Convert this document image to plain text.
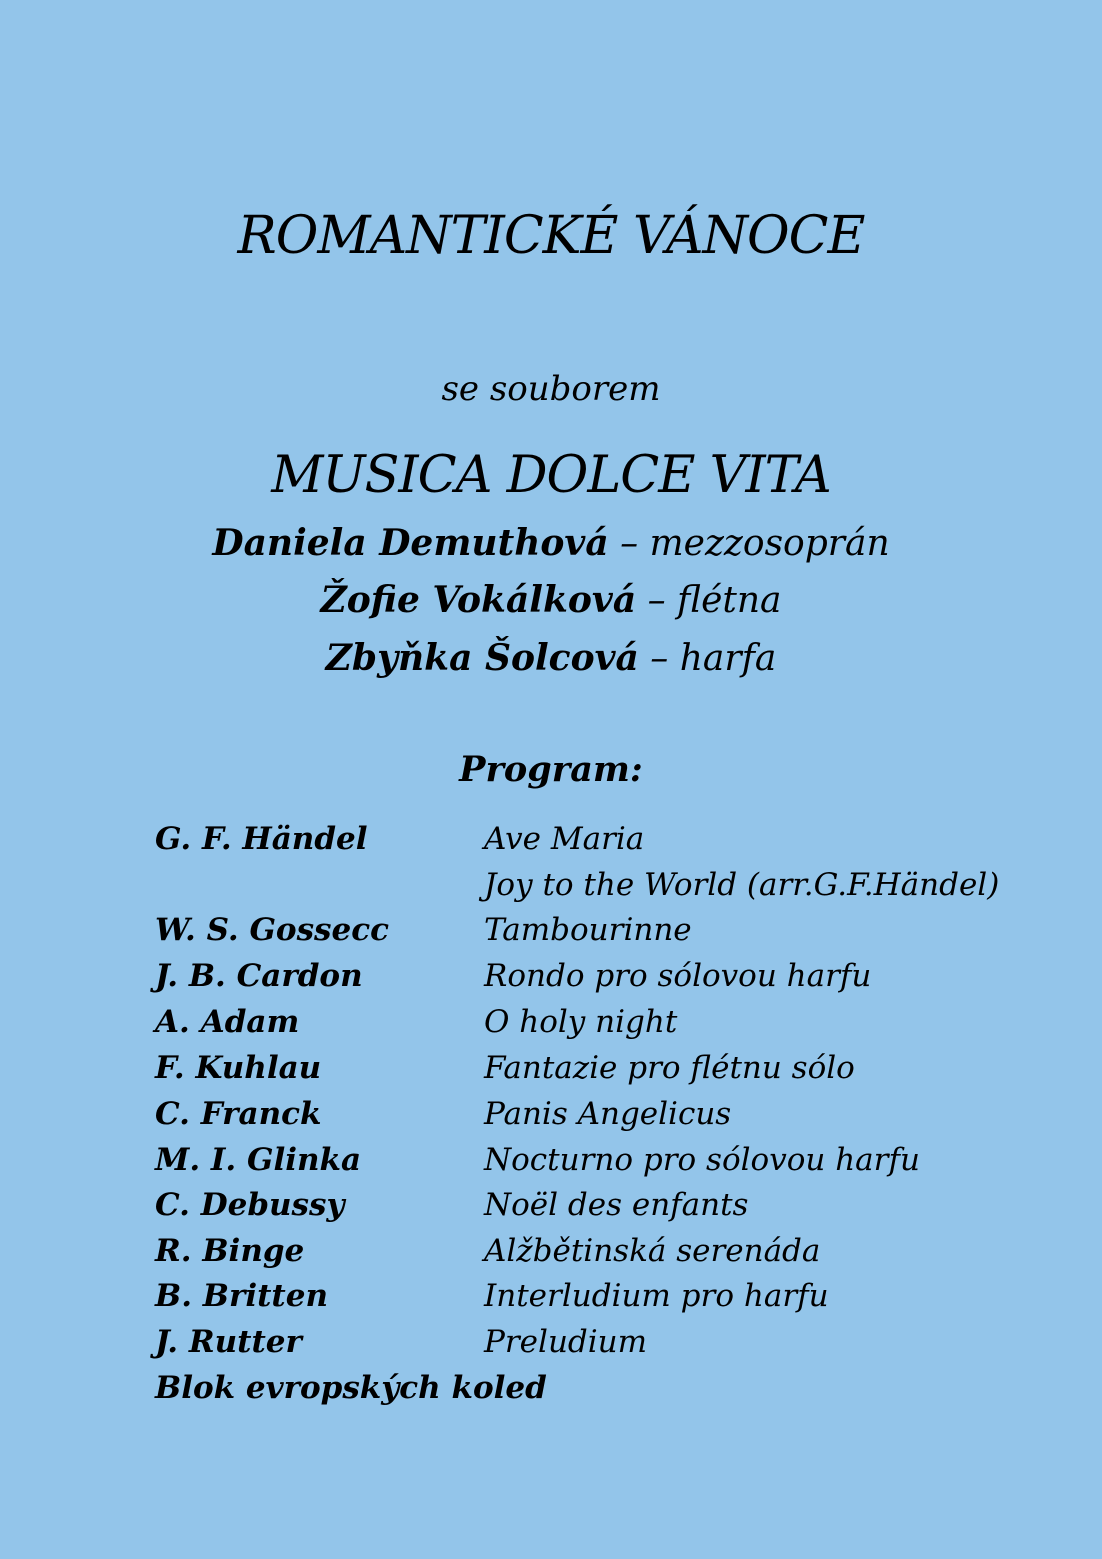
ROMANTICKÉ VÁNOCE
se souborem
MUSICA DOLCE VITA
Daniela Demuthová – mezzosoprán
Žofie Vokálková – flétna
Zbyňka Šolcová – harfa
Program:
G. F. Händel	Ave Maria
Joy to the World (arr.G.F.Händel)
W. S. Gossecc	Tambourinne
J. B. Cardon	Rondo pro sólovou harfu
A. Adam	O holy night
F. Kuhlau	Fantazie pro flétnu sólo
C. Franck	Panis Angelicus
M. I. Glinka	Nocturno pro sólovou harfu
C. Debussy	Noël des enfants
R. Binge	Alžbětinská serenáda
B. Britten	Interludium pro harfu
J. Rutter	Preludium
Blok evropských koled
